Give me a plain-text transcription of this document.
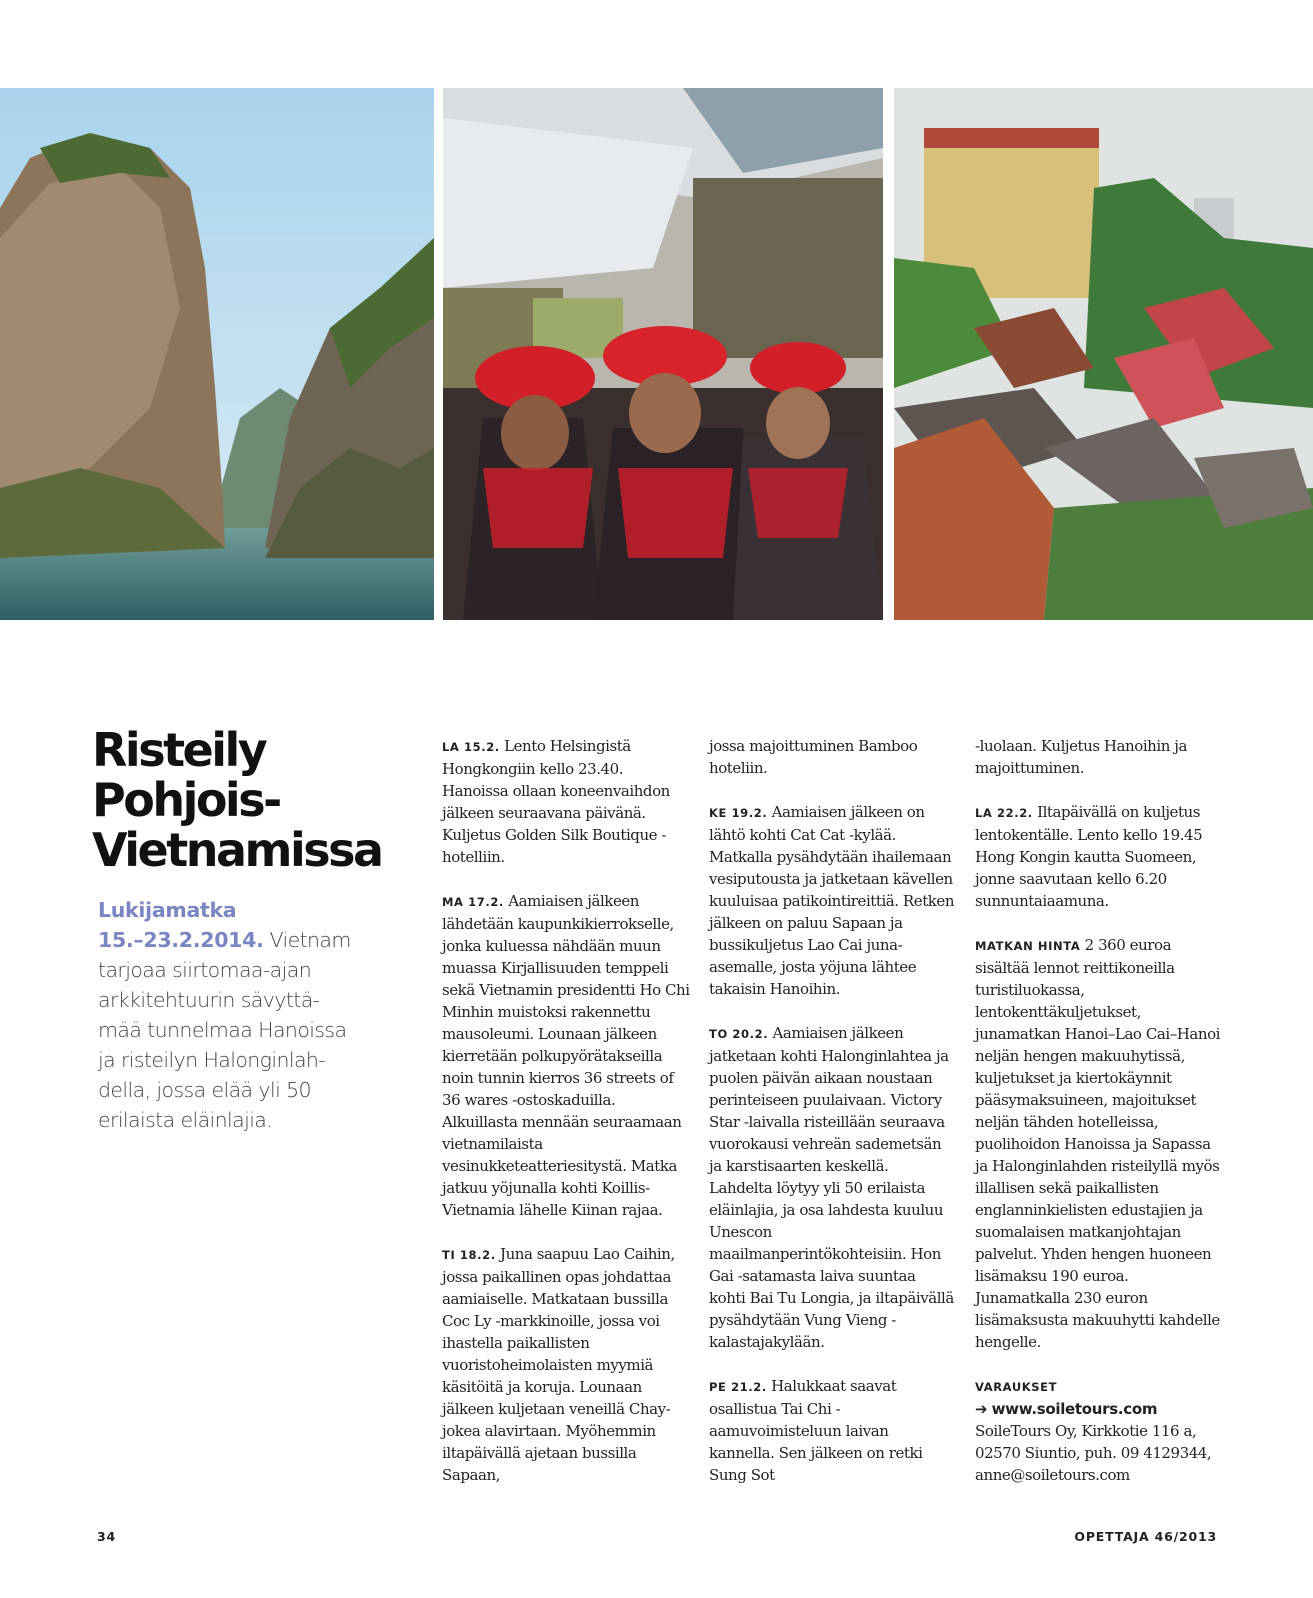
Risteily
Pohjois-
Vietnamissa

Lukijamatka
15.–23.2.2014. Vietnam
tarjoaa siirtomaa-ajan
arkkitehtuurin sävyttä-
mää tunnelmaa Hanoissa
ja risteilyn Halonginlah-
della, jossa elää yli 50
erilaista eläinlajia.

LA 15.2. Lento Helsingistä Hongkongiin kello 23.40. Hanoissa ollaan koneenvaihdon jälkeen seuraavana päivänä. Kuljetus Golden Silk Boutique -hotelliin.

MA 17.2. Aamiaisen jälkeen lähdetään kaupunkikierrokselle, jonka kuluessa nähdään muun muassa Kirjallisuuden temppeli sekä Vietnamin presidentti Ho Chi Minhin muistoksi rakennettu mausoleumi. Lounaan jälkeen kierretään polkupyörätakseilla noin tunnin kierros 36 streets of 36 wares -ostoskaduilla. Alkuillasta mennään seuraamaan vietnamilaista vesinukketeatteriesitystä. Matka jatkuu yöjunalla kohti Koillis-Vietnamia lähelle Kiinan rajaa.

TI 18.2. Juna saapuu Lao Caihin, jossa paikallinen opas johdattaa aamiaiselle. Matkataan bussilla Coc Ly -markkinoille, jossa voi ihastella paikallisten vuoristoheimolaisten myymiä käsitöitä ja koruja. Lounaan jälkeen kuljetaan veneillä Chay-jokea alavirtaan. Myöhemmin iltapäivällä ajetaan bussilla Sapaan,

jossa majoittuminen Bamboo hoteliin.

KE 19.2. Aamiaisen jälkeen on lähtö kohti Cat Cat -kylää. Matkalla pysähdytään ihailemaan vesiputousta ja jatketaan kävellen kuuluisaa patikointireittiä. Retken jälkeen on paluu Sapaan ja bussikuljetus Lao Cai juna-asemalle, josta yöjuna lähtee takaisin Hanoihin.

TO 20.2. Aamiaisen jälkeen jatketaan kohti Halonginlahtea ja puolen päivän aikaan noustaan perinteiseen puulaivaan. Victory Star -laivalla risteillään seuraava vuorokausi vehreän sademetsän ja karstisaarten keskellä. Lahdelta löytyy yli 50 erilaista eläinlajia, ja osa lahdesta kuuluu Unescon maailmanperintökohteisiin. Hon Gai -satamasta laiva suuntaa kohti Bai Tu Longia, ja iltapäivällä pysähdytään Vung Vieng -kalastajakylään.

PE 21.2. Halukkaat saavat osallistua Tai Chi -aamuvoimisteluun laivan kannella. Sen jälkeen on retki Sung Sot

-luolaan. Kuljetus Hanoihin ja majoittuminen.

LA 22.2. Iltapäivällä on kuljetus lentokentälle. Lento kello 19.45 Hong Kongin kautta Suomeen, jonne saavutaan kello 6.20 sunnuntaiaamuna.

MATKAN HINTA 2 360 euroa sisältää lennot reittikoneilla turistiluokassa, lentokenttäkuljetukset, junamatkan Hanoi–Lao Cai–Hanoi neljän hengen makuuhytissä, kuljetukset ja kiertokäynnit pääsymaksuineen, majoitukset neljän tähden hotelleissa, puolihoidon Hanoissa ja Sapassa ja Halonginlahden risteilyllä myös illallisen sekä paikallisten englanninkielisten edustajien ja suomalaisen matkanjohtajan palvelut. Yhden hengen huoneen lisämaksu 190 euroa. Junamatkalla 230 euron lisämaksusta makuuhytti kahdelle hengelle.

VARAUKSET
➔ www.soiletours.com
SoileTours Oy, Kirkkotie 116 a, 02570 Siuntio, puh. 09 4129344, anne@soiletours.com

34	OPETTAJA 46/2013
